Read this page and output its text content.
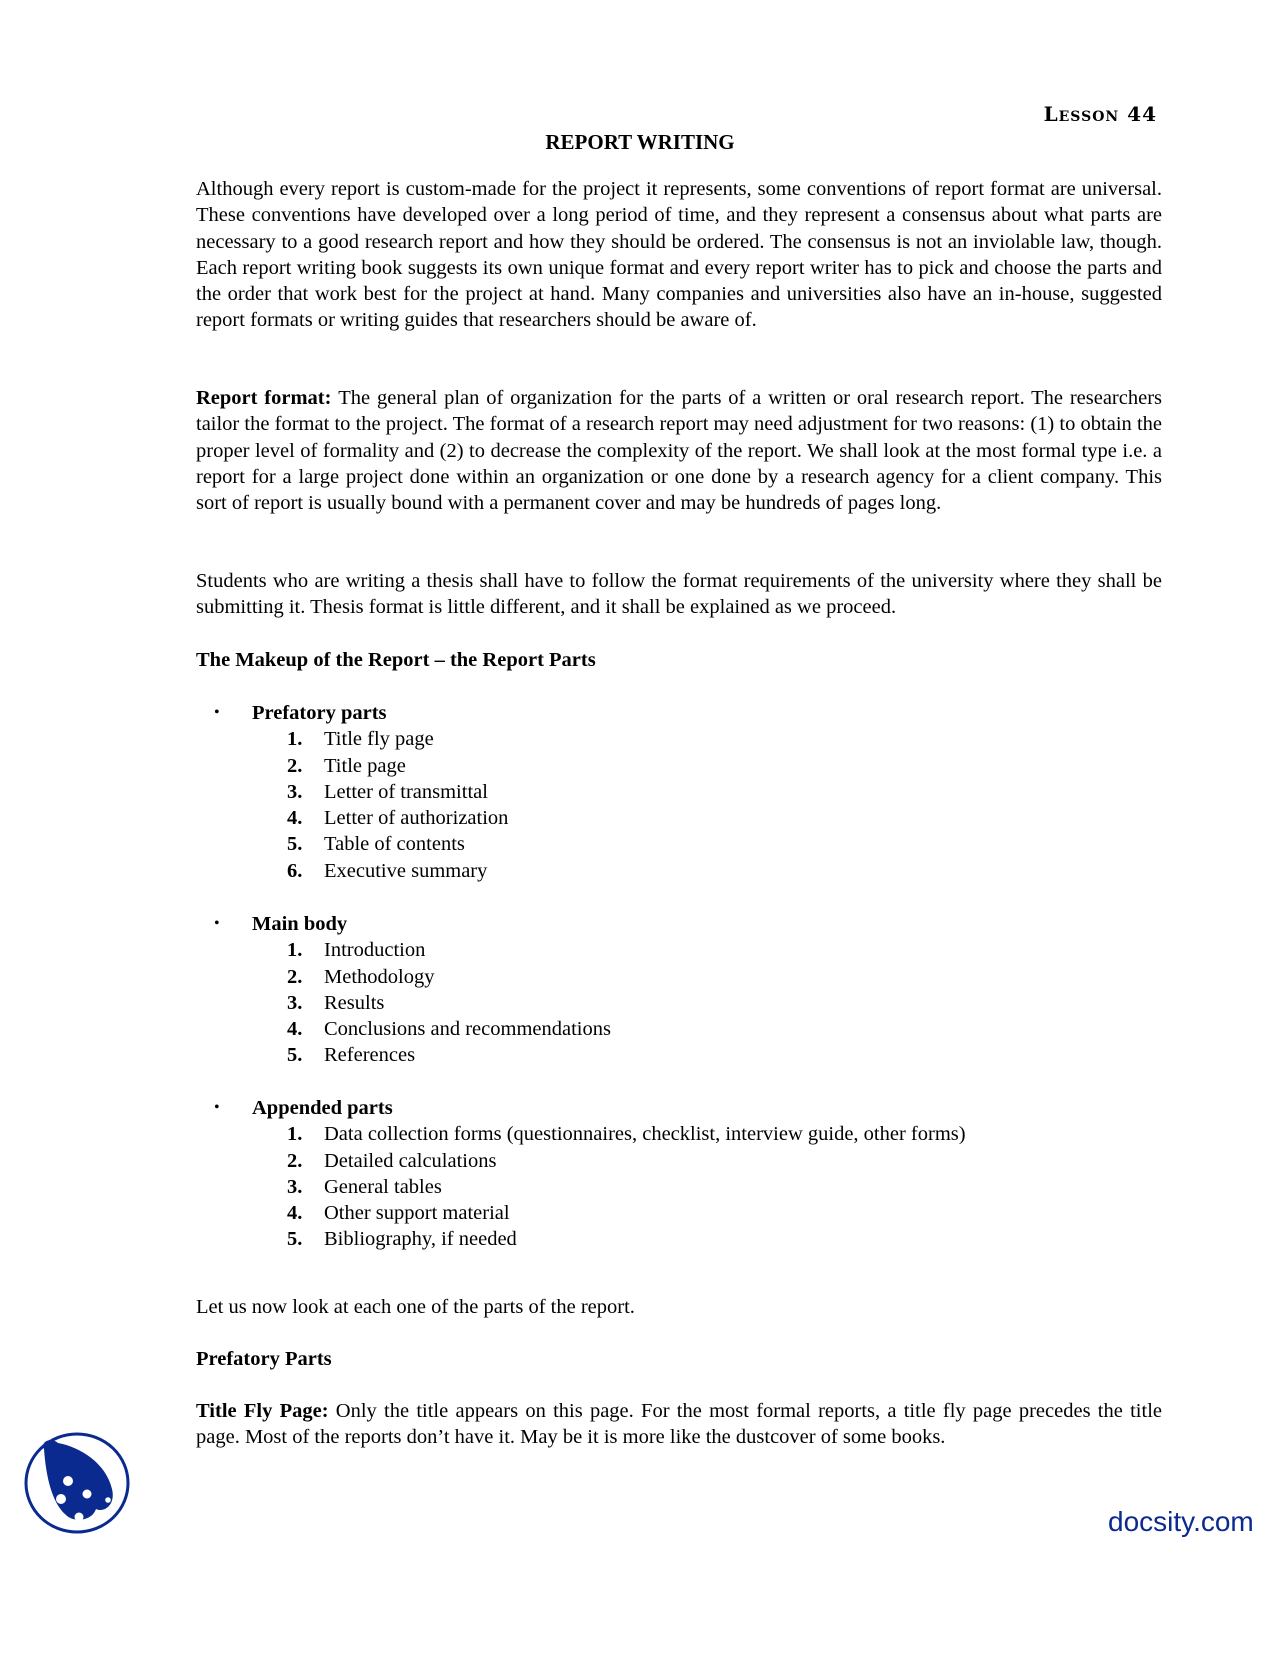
Lesson 44
REPORT WRITING

Although every report is custom-made for the project it represents, some conventions of report format are universal. These conventions have developed over a long period of time, and they represent a consensus about what parts are necessary to a good research report and how they should be ordered. The consensus is not an inviolable law, though. Each report writing book suggests its own unique format and every report writer has to pick and choose the parts and the order that work best for the project at hand. Many companies and universities also have an in-house, suggested report formats or writing guides that researchers should be aware of.

Report format: The general plan of organization for the parts of a written or oral research report. The researchers tailor the format to the project. The format of a research report may need adjustment for two reasons: (1) to obtain the proper level of formality and (2) to decrease the complexity of the report. We shall look at the most formal type i.e. a report for a large project done within an organization or one done by a research agency for a client company. This sort of report is usually bound with a permanent cover and may be hundreds of pages long.

Students who are writing a thesis shall have to follow the format requirements of the university where they shall be submitting it. Thesis format is little different, and it shall be explained as we proceed.

The Makeup of the Report – the Report Parts
• Prefatory parts
1. Title fly page
2. Title page
3. Letter of transmittal
4. Letter of authorization
5. Table of contents
6. Executive summary
• Main body
1. Introduction
2. Methodology
3. Results
4. Conclusions and recommendations
5. References
• Appended parts
1. Data collection forms (questionnaires, checklist, interview guide, other forms)
2. Detailed calculations
3. General tables
4. Other support material
5. Bibliography, if needed

Let us now look at each one of the parts of the report.

Prefatory Parts

Title Fly Page: Only the title appears on this page. For the most formal reports, a title fly page precedes the title page. Most of the reports don’t have it. May be it is more like the dustcover of some books.

docsity.com
